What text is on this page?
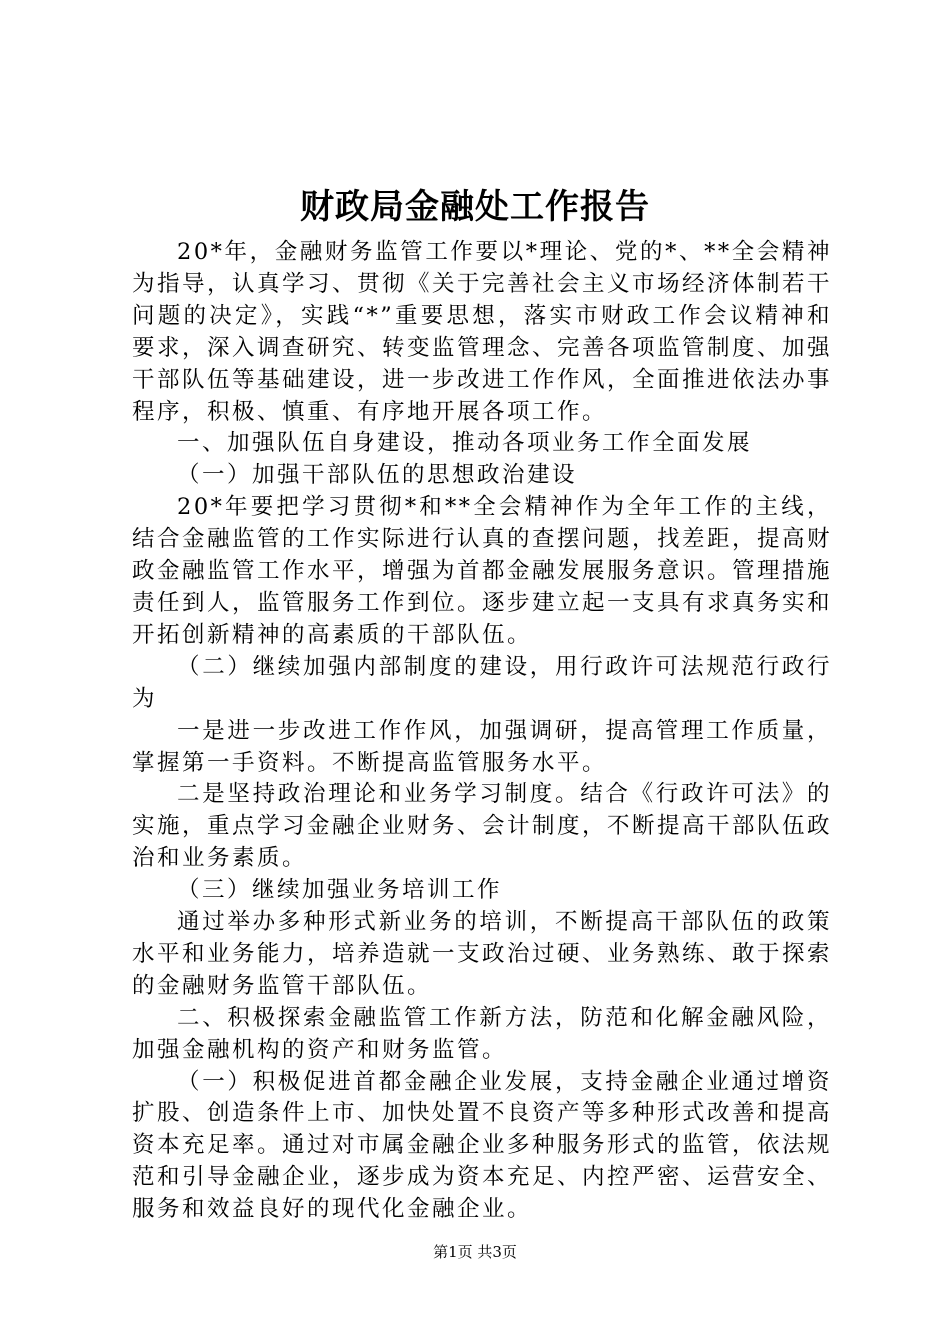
财政局金融处工作报告

20*年，金融财务监管工作要以*理论、党的*、**全会精神为指导，认真学习、贯彻《关于完善社会主义市场经济体制若干问题的决定》，实践“*”重要思想，落实市财政工作会议精神和要求，深入调查研究、转变监管理念、完善各项监管制度、加强干部队伍等基础建设，进一步改进工作作风，全面推进依法办事程序，积极、慎重、有序地开展各项工作。

一、加强队伍自身建设，推动各项业务工作全面发展

（一）加强干部队伍的思想政治建设

20*年要把学习贯彻*和**全会精神作为全年工作的主线，结合金融监管的工作实际进行认真的查摆问题，找差距，提高财政金融监管工作水平，增强为首都金融发展服务意识。管理措施责任到人，监管服务工作到位。逐步建立起一支具有求真务实和开拓创新精神的高素质的干部队伍。

（二）继续加强内部制度的建设，用行政许可法规范行政行为

一是进一步改进工作作风，加强调研，提高管理工作质量，掌握第一手资料。不断提高监管服务水平。

二是坚持政治理论和业务学习制度。结合《行政许可法》的实施，重点学习金融企业财务、会计制度，不断提高干部队伍政治和业务素质。

（三）继续加强业务培训工作

通过举办多种形式新业务的培训，不断提高干部队伍的政策水平和业务能力，培养造就一支政治过硬、业务熟练、敢于探索的金融财务监管干部队伍。

二、积极探索金融监管工作新方法，防范和化解金融风险，加强金融机构的资产和财务监管。

（一）积极促进首都金融企业发展，支持金融企业通过增资扩股、创造条件上市、加快处置不良资产等多种形式改善和提高资本充足率。通过对市属金融企业多种服务形式的监管，依法规范和引导金融企业，逐步成为资本充足、内控严密、运营安全、服务和效益良好的现代化金融企业。

第1页 共3页
